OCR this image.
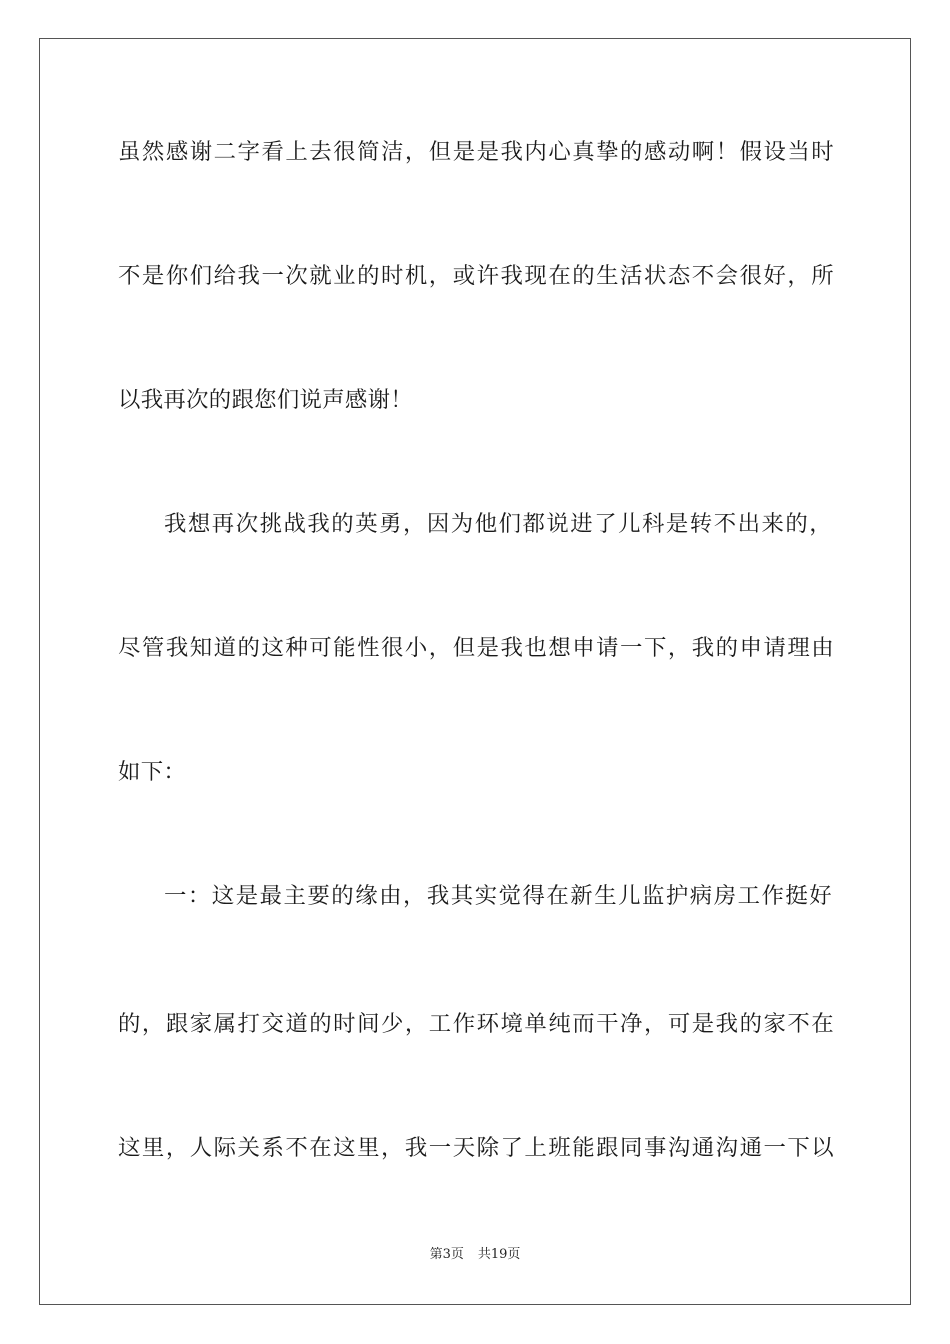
虽然感谢二字看上去很简洁，但是是我内心真挚的感动啊！假设当时
不是你们给我一次就业的时机，或许我现在的生活状态不会很好，所
以我再次的跟您们说声感谢！
我想再次挑战我的英勇，因为他们都说进了儿科是转不出来的，
尽管我知道的这种可能性很小，但是我也想申请一下，我的申请理由
如下：
一：这是最主要的缘由，我其实觉得在新生儿监护病房工作挺好
的，跟家属打交道的时间少，工作环境单纯而干净，可是我的家不在
这里，人际关系不在这里，我一天除了上班能跟同事沟通沟通一下以
第3页 共19页
